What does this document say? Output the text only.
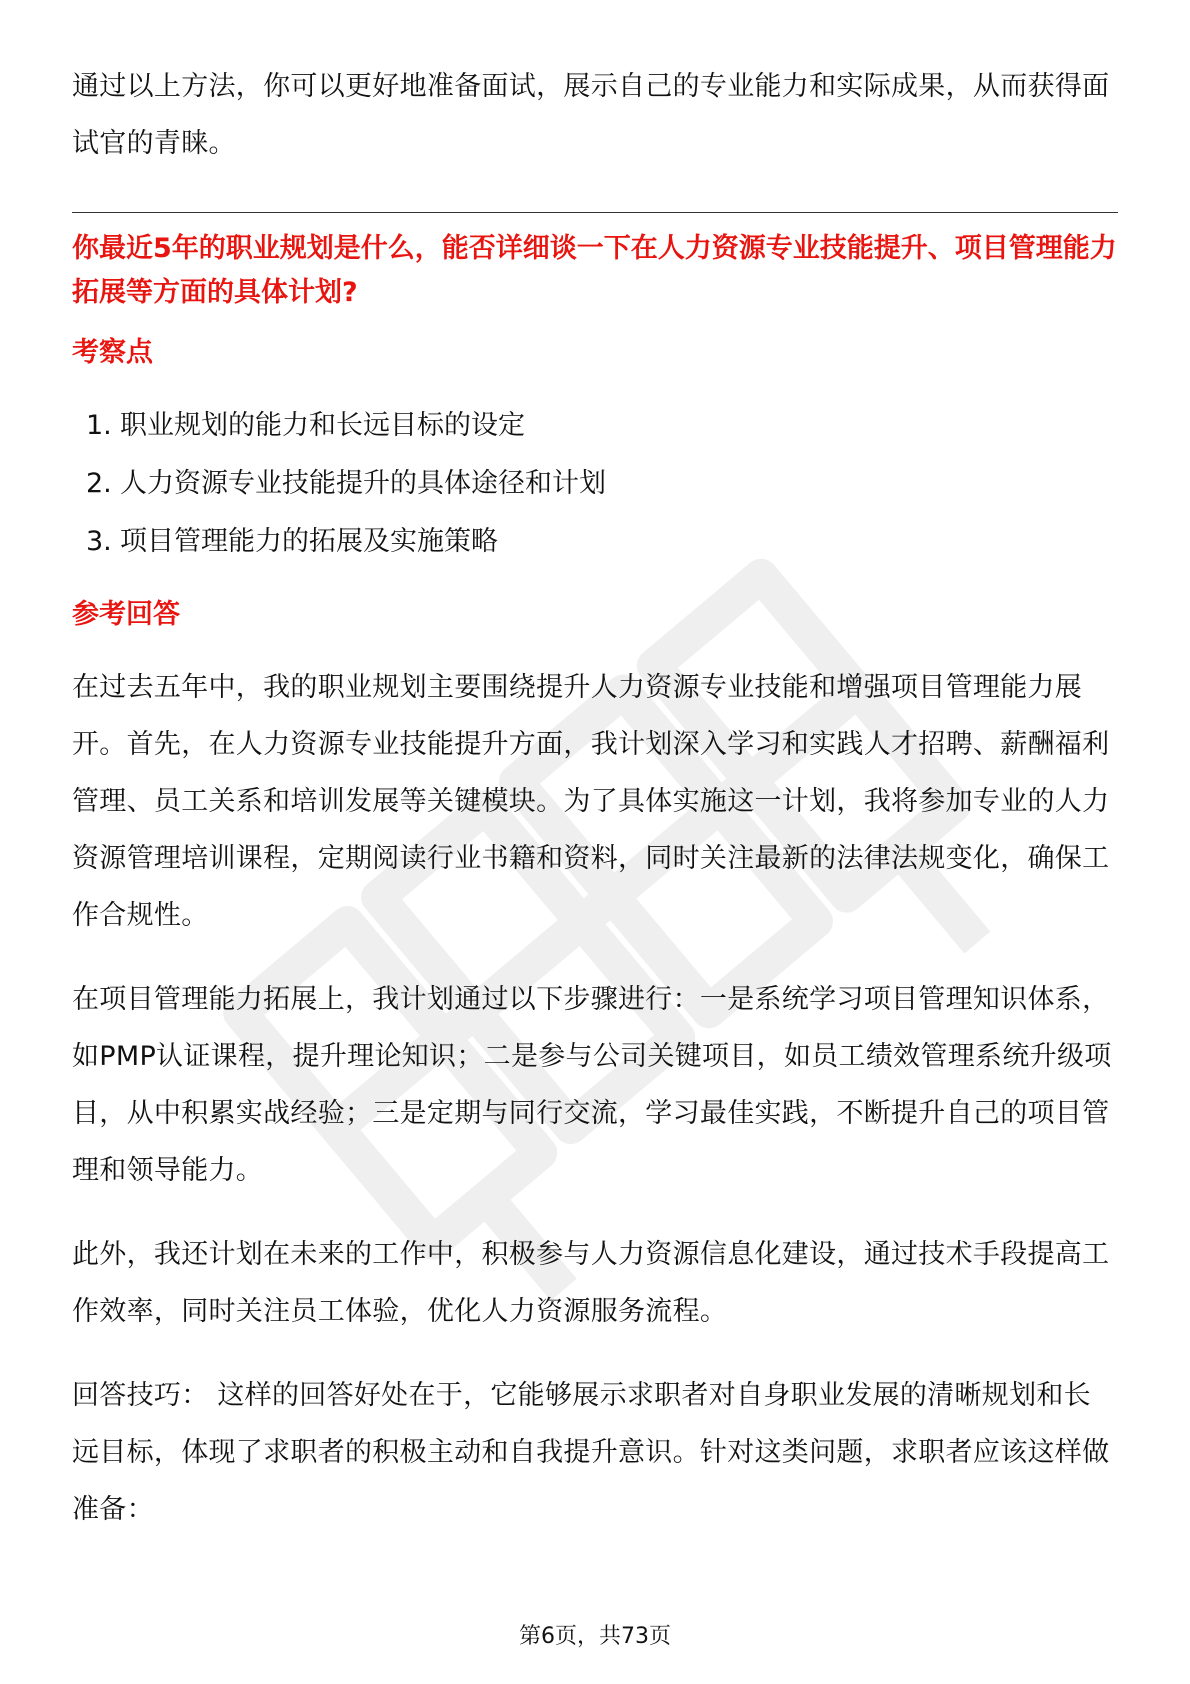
通过以上方法，你可以更好地准备面试，展示自己的专业能力和实际成果，从而获得面试官的青睐。

你最近5年的职业规划是什么，能否详细谈一下在人力资源专业技能提升、项目管理能力拓展等方面的具体计划?
考察点
1. 职业规划的能力和长远目标的设定
2. 人力资源专业技能提升的具体途径和计划
3. 项目管理能力的拓展及实施策略
参考回答

在过去五年中，我的职业规划主要围绕提升人力资源专业技能和增强项目管理能力展开。首先，在人力资源专业技能提升方面，我计划深入学习和实践人才招聘、薪酬福利管理、员工关系和培训发展等关键模块。为了具体实施这一计划，我将参加专业的人力资源管理培训课程，定期阅读行业书籍和资料，同时关注最新的法律法规变化，确保工作合规性。

在项目管理能力拓展上，我计划通过以下步骤进行：一是系统学习项目管理知识体系，如PMP认证课程，提升理论知识；二是参与公司关键项目，如员工绩效管理系统升级项目，从中积累实战经验；三是定期与同行交流，学习最佳实践，不断提升自己的项目管理和领导能力。

此外，我还计划在未来的工作中，积极参与人力资源信息化建设，通过技术手段提高工作效率，同时关注员工体验，优化人力资源服务流程。

回答技巧： 这样的回答好处在于，它能够展示求职者对自身职业发展的清晰规划和长远目标，体现了求职者的积极主动和自我提升意识。针对这类问题，求职者应该这样做准备：

第6页，共73页
